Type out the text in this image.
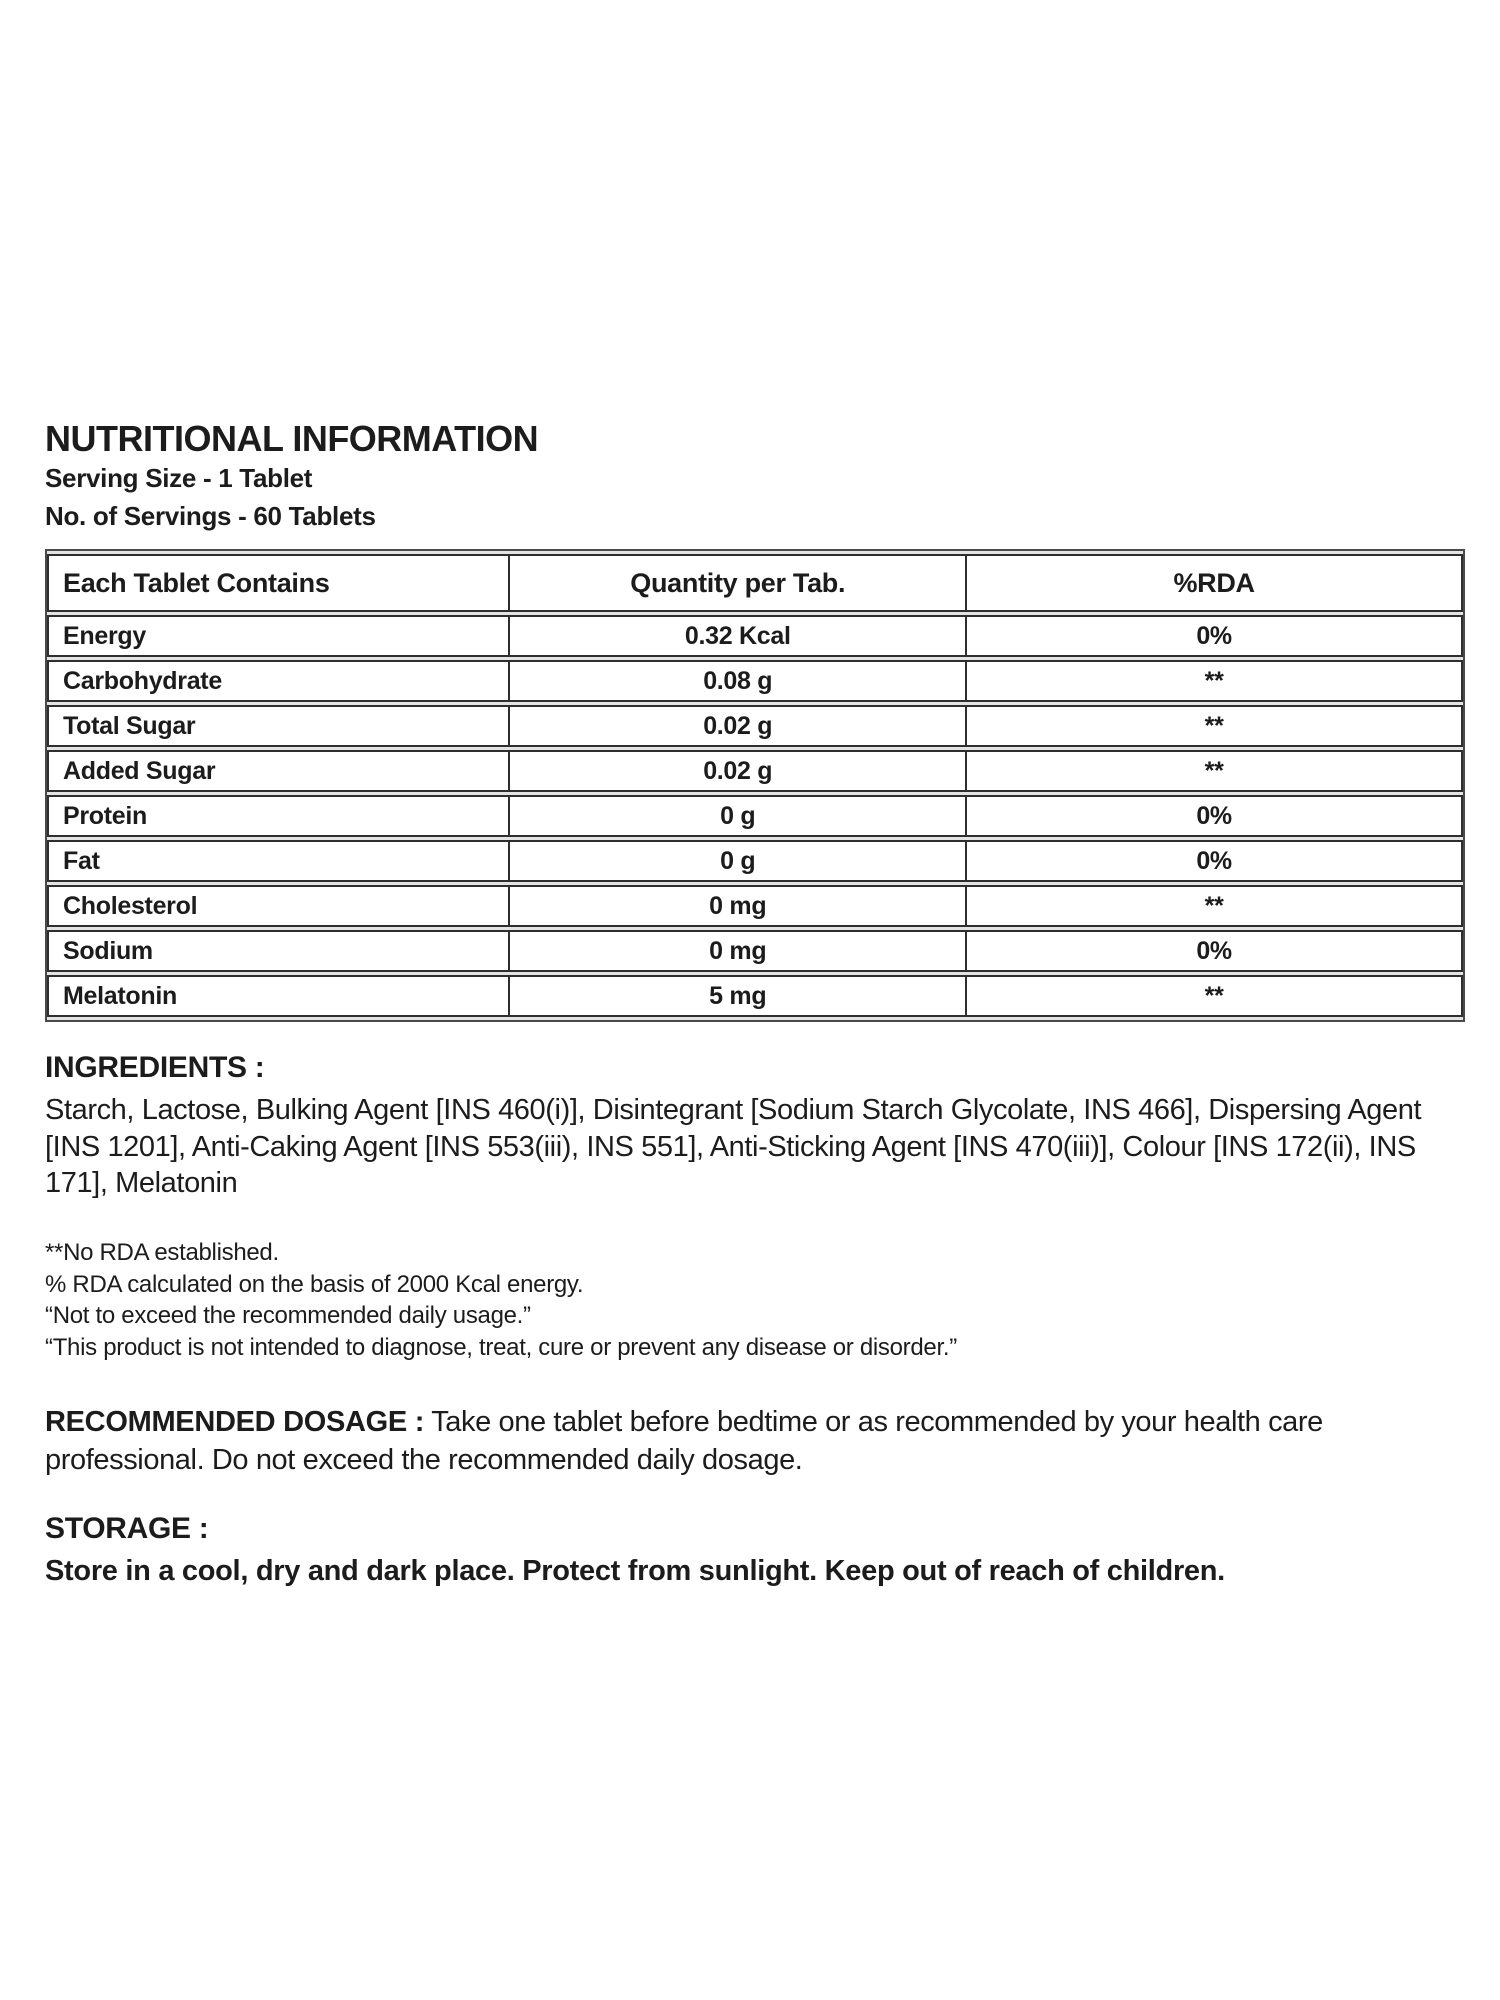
NUTRITIONAL INFORMATION
Serving Size - 1 Tablet
No. of Servings - 60 Tablets
Each Tablet Contains	Quantity per Tab.	%RDA
Energy	0.32 Kcal	0%
Carbohydrate	0.08 g	**
Total Sugar	0.02 g	**
Added Sugar	0.02 g	**
Protein	0 g	0%
Fat	0 g	0%
Cholesterol	0 mg	**
Sodium	0 mg	0%
Melatonin	5 mg	**
INGREDIENTS :
Starch, Lactose, Bulking Agent [INS 460(i)], Disintegrant [Sodium Starch Glycolate, INS 466], Dispersing Agent [INS 1201], Anti-Caking Agent [INS 553(iii), INS 551], Anti-Sticking Agent [INS 470(iii)], Colour [INS 172(ii), INS 171], Melatonin
**No RDA established.
% RDA calculated on the basis of 2000 Kcal energy.
“Not to exceed the recommended daily usage.”
“This product is not intended to diagnose, treat, cure or prevent any disease or disorder.”

RECOMMENDED DOSAGE : Take one tablet before bedtime or as recommended by your health care professional. Do not exceed the recommended daily dosage.

STORAGE :
Store in a cool, dry and dark place. Protect from sunlight. Keep out of reach of children.
